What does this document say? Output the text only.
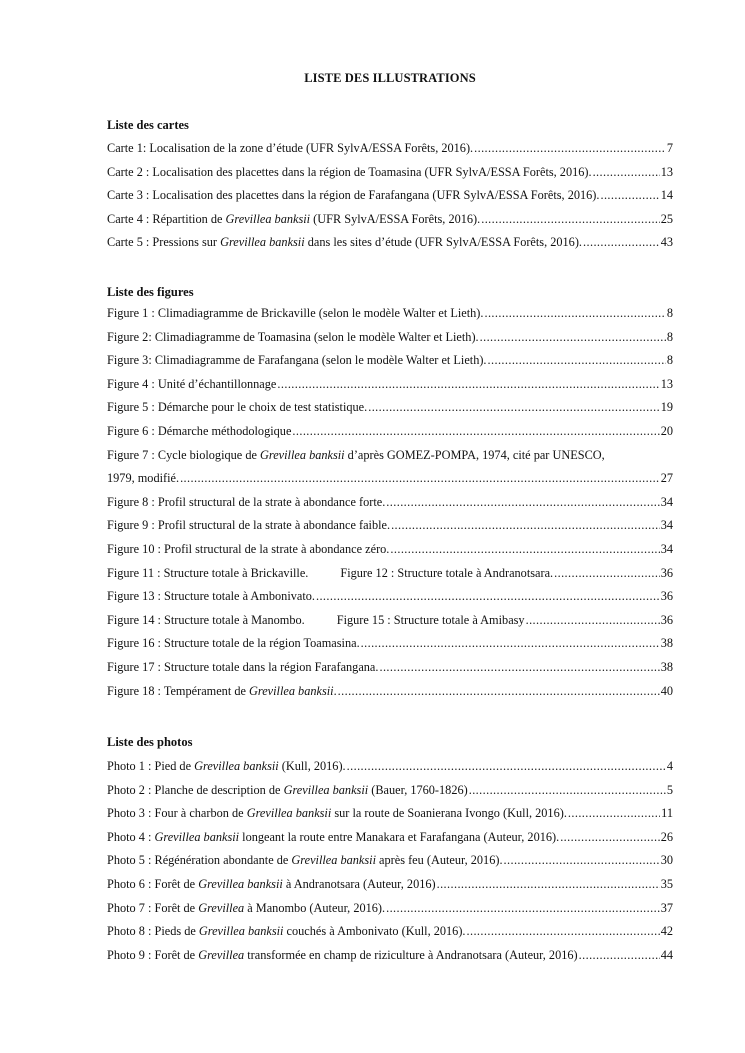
LISTE DES ILLUSTRATIONS
Liste des cartes
Carte 1: Localisation de la zone d’étude (UFR SylvA/ESSA Forêts, 2016). .....	7
Carte 2 : Localisation des placettes dans la région de Toamasina (UFR SylvA/ESSA Forêts, 2016). .....	13
Carte 3 : Localisation des placettes dans la région de Farafangana (UFR SylvA/ESSA Forêts, 2016). .....	14
Carte 4 : Répartition de Grevillea banksii (UFR SylvA/ESSA Forêts, 2016). .....	25
Carte 5 : Pressions sur Grevillea banksii dans les sites d’étude (UFR SylvA/ESSA Forêts, 2016). .....	43
Liste des figures
Figure 1 : Climadiagramme de Brickaville (selon le modèle Walter et Lieth). .....	8
Figure 2: Climadiagramme de Toamasina (selon le modèle Walter et Lieth). .....	8
Figure 3: Climadiagramme de Farafangana (selon le modèle Walter et Lieth). .....	8
Figure 4 : Unité d’échantillonnage .....	13
Figure 5 : Démarche pour le choix de test statistique. .....	19
Figure 6 : Démarche méthodologique .....	20
Figure 7 : Cycle biologique de Grevillea banksii d’après GOMEZ-POMPA, 1974, cité par UNESCO,
1979, modifié. .....	27
Figure 8 : Profil structural de la strate à abondance forte. .....	34
Figure 9 : Profil structural de la strate à abondance faible. .....	34
Figure 10 : Profil structural de la strate à abondance zéro. .....	34
Figure 11 : Structure totale à Brickaville.	Figure 12 : Structure totale à Andranotsara. .....	36
Figure 13 : Structure totale à Ambonivato. .....	36
Figure 14 : Structure totale à Manombo.	Figure 15 : Structure totale à Amibasy .....	36
Figure 16 : Structure totale de la région Toamasina. .....	38
Figure 17 : Structure totale dans la région Farafangana. .....	38
Figure 18 : Tempérament de Grevillea banksii. .....	40
Liste des photos
Photo 1 : Pied de Grevillea banksii (Kull, 2016). .....	4
Photo 2 : Planche de description de Grevillea banksii (Bauer, 1760-1826) .....	5
Photo 3 : Four à charbon de Grevillea banksii sur la route de Soanierana Ivongo (Kull, 2016). .....	11
Photo 4 : Grevillea banksii longeant la route entre Manakara et Farafangana (Auteur, 2016). .....	26
Photo 5 : Régénération abondante de Grevillea banksii après feu (Auteur, 2016). .....	30
Photo 6 : Forêt de Grevillea banksii à Andranotsara (Auteur, 2016) .....	35
Photo 7 : Forêt de Grevillea à Manombo (Auteur, 2016). .....	37
Photo 8 : Pieds de Grevillea banksii couchés à Ambonivato (Kull, 2016). .....	42
Photo 9 : Forêt de Grevillea transformée en champ de riziculture à Andranotsara (Auteur, 2016) .....	44
